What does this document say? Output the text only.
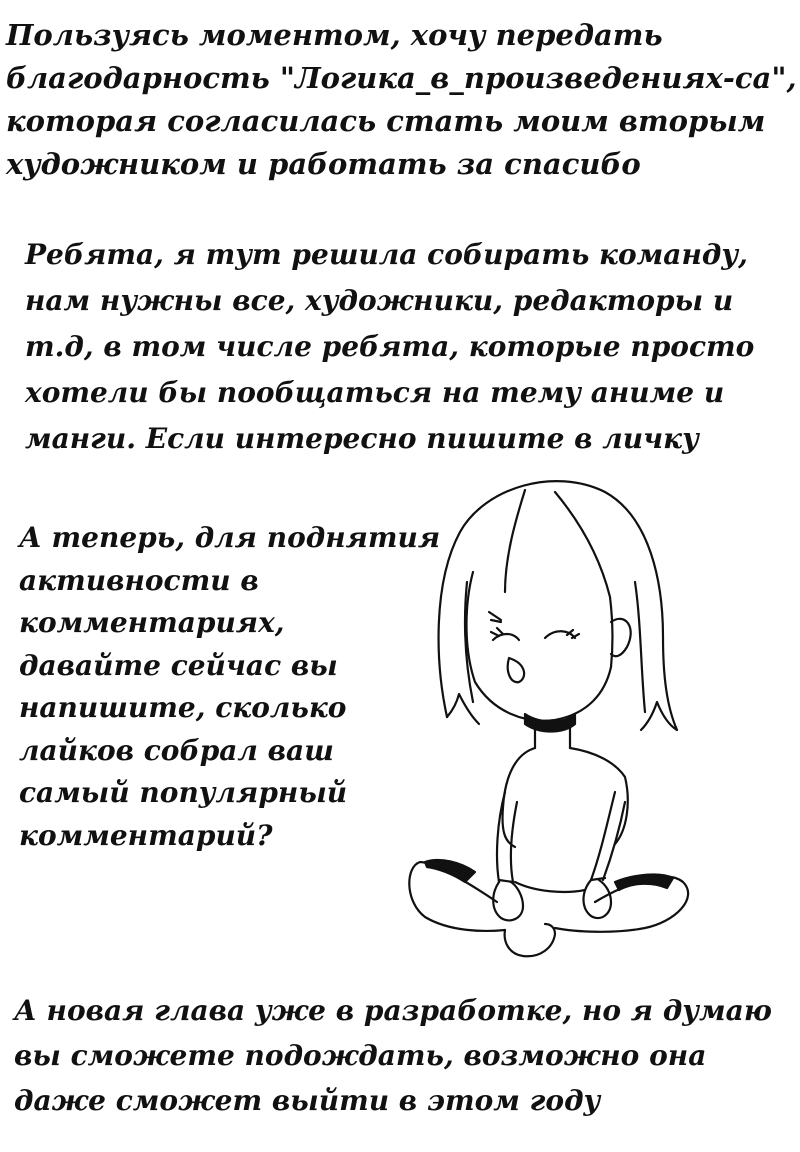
Пользуясь моментом, хочу передать
благодарность "Логика_в_произведениях-са",
которая согласилась стать моим вторым
художником и работать за спасибо
Ребята, я тут решила собирать команду,
нам нужны все, художники, редакторы и
т.д, в том числе ребята, которые просто
хотели бы пообщаться на тему аниме и
манги. Если интересно пишите в личку
А теперь, для поднятия
активности в
комментариях,
давайте сейчас вы
напишите, сколько
лайков собрал ваш
самый популярный
комментарий?
А новая глава уже в разработке, но я думаю
вы сможете подождать, возможно она
даже сможет выйти в этом году
